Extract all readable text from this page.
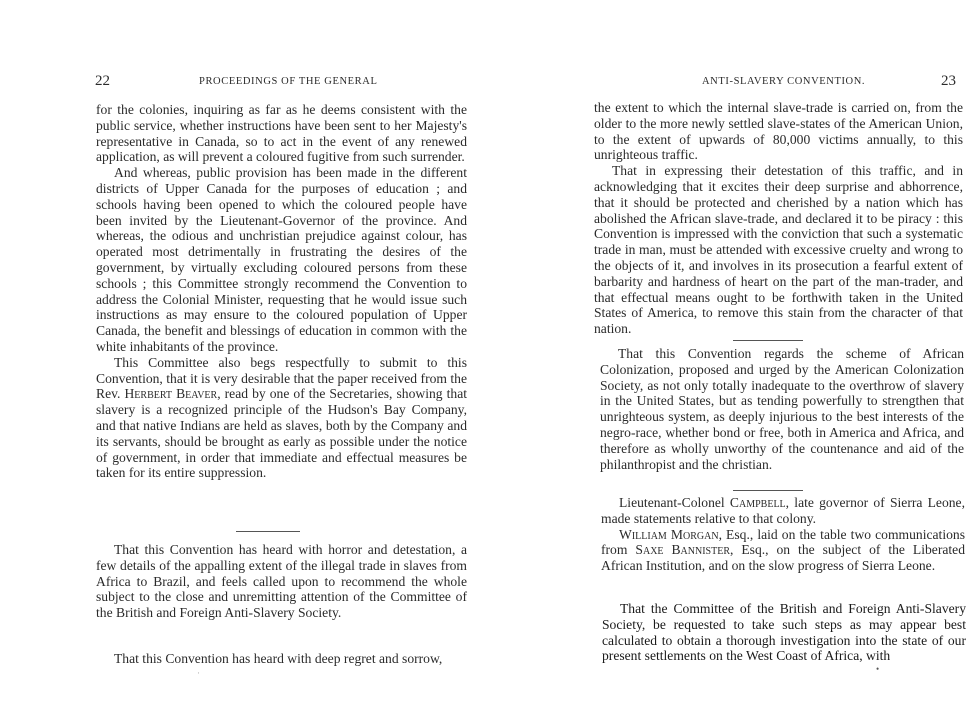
22	PROCEEDINGS OF THE GENERAL

for the colonies, inquiring as far as he deems consistent with the public service, whether instructions have been sent to her Majesty's representative in Canada, so to act in the event of any renewed application, as will prevent a coloured fugitive from such surrender.

And whereas, public provision has been made in the different districts of Upper Canada for the purposes of education ; and schools having been opened to which the coloured people have been invited by the Lieutenant-Governor of the province. And whereas, the odious and unchristian prejudice against colour, has operated most detrimentally in frustrating the desires of the government, by virtually excluding coloured persons from these schools ; this Committee strongly recommend the Convention to address the Colonial Minister, requesting that he would issue such instructions as may ensure to the coloured population of Upper Canada, the benefit and blessings of education in common with the white inhabitants of the province.

This Committee also begs respectfully to submit to this Convention, that it is very desirable that the paper received from the Rev. Herbert Beaver, read by one of the Secretaries, showing that slavery is a recognized principle of the Hudson's Bay Company, and that native Indians are held as slaves, both by the Company and its servants, should be brought as early as possible under the notice of government, in order that immediate and effectual measures be taken for its entire suppression.

That this Convention has heard with horror and detestation, a few details of the appalling extent of the illegal trade in slaves from Africa to Brazil, and feels called upon to recommend the whole subject to the close and unremitting attention of the Committee of the British and Foreign Anti-Slavery Society.

That this Convention has heard with deep regret and sorrow,

ANTI-SLAVERY CONVENTION.	23

the extent to which the internal slave-trade is carried on, from the older to the more newly settled slave-states of the American Union, to the extent of upwards of 80,000 victims annually, to this unrighteous traffic.

That in expressing their detestation of this traffic, and in acknowledging that it excites their deep surprise and abhorrence, that it should be protected and cherished by a nation which has abolished the African slave-trade, and declared it to be piracy : this Convention is impressed with the conviction that such a systematic trade in man, must be attended with excessive cruelty and wrong to the objects of it, and involves in its prosecution a fearful extent of barbarity and hardness of heart on the part of the man-trader, and that effectual means ought to be forthwith taken in the United States of America, to remove this stain from the character of that nation.

That this Convention regards the scheme of African Colonization, proposed and urged by the American Colonization Society, as not only totally inadequate to the overthrow of slavery in the United States, but as tending powerfully to strengthen that unrighteous system, as deeply injurious to the best interests of the negro-race, whether bond or free, both in America and Africa, and therefore as wholly unworthy of the countenance and aid of the philanthropist and the christian.

Lieutenant-Colonel Campbell, late governor of Sierra Leone, made statements relative to that colony.

William Morgan, Esq., laid on the table two communications from Saxe Bannister, Esq., on the subject of the Liberated African Institution, and on the slow progress of Sierra Leone.

That the Committee of the British and Foreign Anti-Slavery Society, be requested to take such steps as may appear best calculated to obtain a thorough investigation into the state of our present settlements on the West Coast of Africa, with

·	•
